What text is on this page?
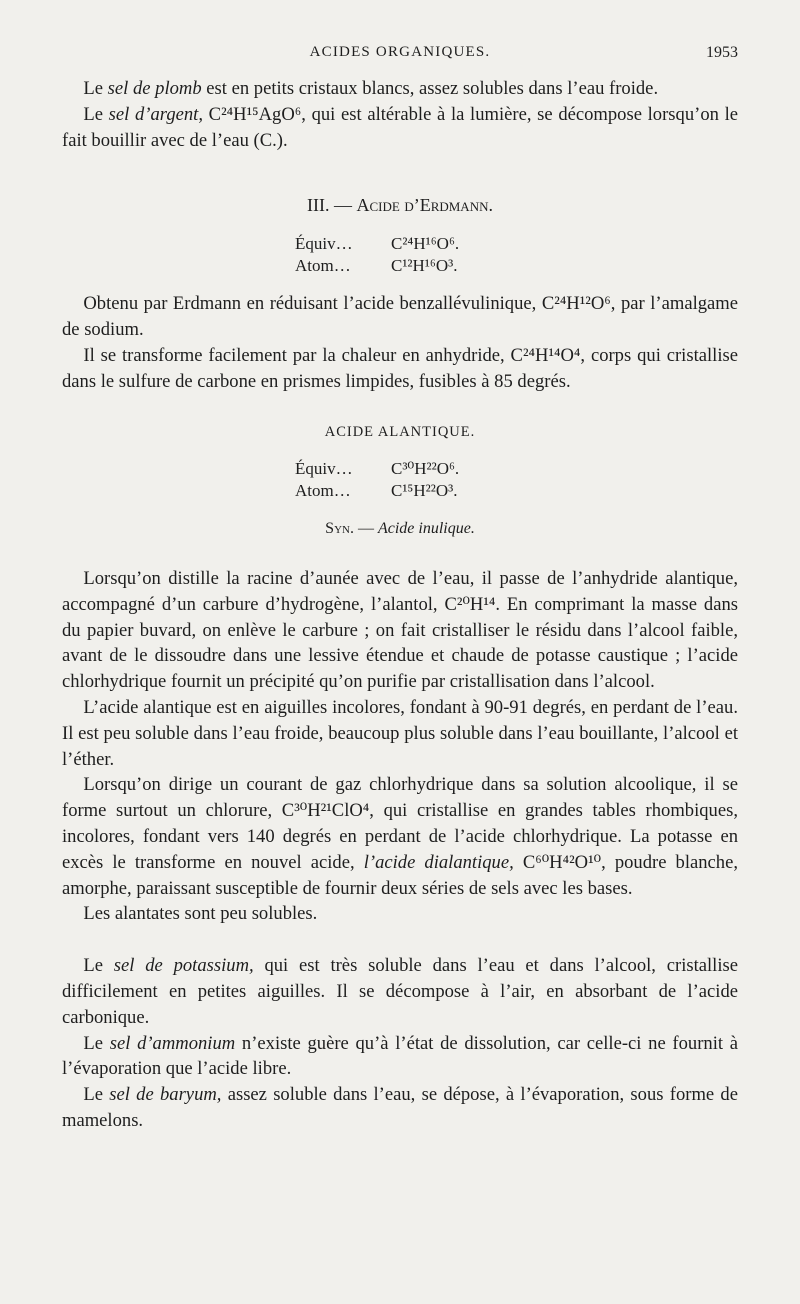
ACIDES ORGANIQUES.	1953

Le sel de plomb est en petits cristaux blancs, assez solubles dans l’eau froide.

Le sel d’argent, C²⁴H¹⁵AgO⁶, qui est altérable à la lumière, se décompose lorsqu’on le fait bouillir avec de l’eau (C.).

III. — Acide d’Erdmann.
Équiv…	C²⁴H¹⁶O⁶.
Atom…	C¹²H¹⁶O³.

Obtenu par Erdmann en réduisant l’acide benzallévulinique, C²⁴H¹²O⁶, par l’amalgame de sodium.

Il se transforme facilement par la chaleur en anhydride, C²⁴H¹⁴O⁴, corps qui cristallise dans le sulfure de carbone en prismes limpides, fusibles à 85 degrés.

ACIDE ALANTIQUE.
Équiv…	C³⁰H²²O⁶.
Atom…	C¹⁵H²²O³.
Syn. — Acide inulique.

Lorsqu’on distille la racine d’aunée avec de l’eau, il passe de l’anhydride alantique, accompagné d’un carbure d’hydrogène, l’alantol, C²⁰H¹⁴. En comprimant la masse dans du papier buvard, on enlève le carbure ; on fait cristalliser le résidu dans l’alcool faible, avant de le dissoudre dans une lessive étendue et chaude de potasse caustique ; l’acide chlorhydrique fournit un précipité qu’on purifie par cristallisation dans l’alcool.

L’acide alantique est en aiguilles incolores, fondant à 90-91 degrés, en perdant de l’eau. Il est peu soluble dans l’eau froide, beaucoup plus soluble dans l’eau bouillante, l’alcool et l’éther.

Lorsqu’on dirige un courant de gaz chlorhydrique dans sa solution alcoolique, il se forme surtout un chlorure, C³⁰H²¹ClO⁴, qui cristallise en grandes tables rhombiques, incolores, fondant vers 140 degrés en perdant de l’acide chlorhydrique. La potasse en excès le transforme en nouvel acide, l’acide dialantique, C⁶⁰H⁴²O¹⁰, poudre blanche, amorphe, paraissant susceptible de fournir deux séries de sels avec les bases.

Les alantates sont peu solubles.

Le sel de potassium, qui est très soluble dans l’eau et dans l’alcool, cristallise difficilement en petites aiguilles. Il se décompose à l’air, en absorbant de l’acide carbonique.

Le sel d’ammonium n’existe guère qu’à l’état de dissolution, car celle-ci ne fournit à l’évaporation que l’acide libre.

Le sel de baryum, assez soluble dans l’eau, se dépose, à l’évaporation, sous forme de mamelons.
